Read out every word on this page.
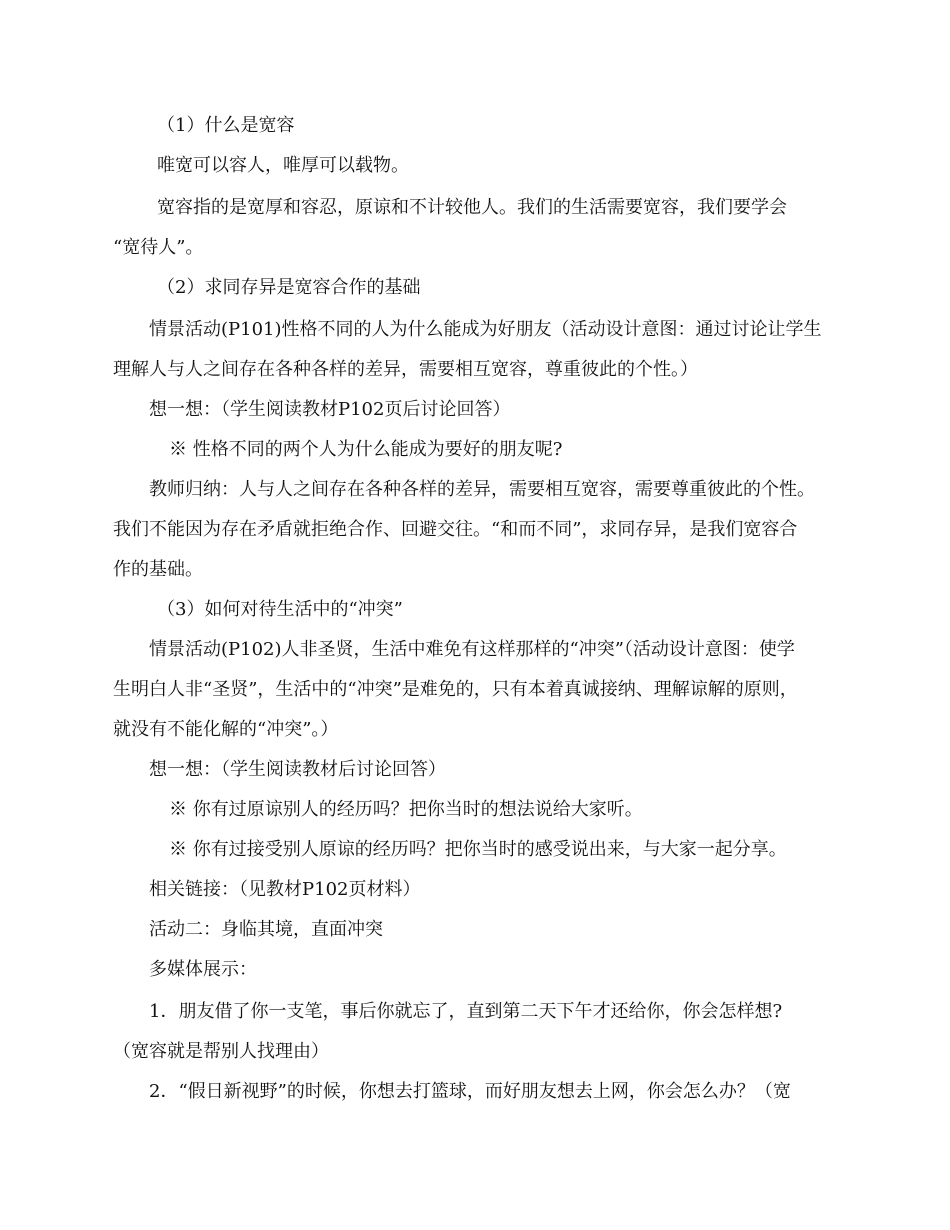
（1）什么是宽容
唯宽可以容人，唯厚可以载物。
宽容指的是宽厚和容忍，原谅和不计较他人。我们的生活需要宽容，我们要学会
“宽待人”。
（2）求同存异是宽容合作的基础
情景活动(P101)性格不同的人为什么能成为好朋友（活动设计意图：通过讨论让学生
理解人与人之间存在各种各样的差异，需要相互宽容，尊重彼此的个性。）
想一想：（学生阅读教材P102页后讨论回答）
※ 性格不同的两个人为什么能成为要好的朋友呢?
教师归纳：人与人之间存在各种各样的差异，需要相互宽容，需要尊重彼此的个性。
我们不能因为存在矛盾就拒绝合作、回避交往。“和而不同”，求同存异，是我们宽容合
作的基础。
（3）如何对待生活中的“冲突”
情景活动(P102)人非圣贤，生活中难免有这样那样的“冲突”（活动设计意图：使学
生明白人非“圣贤”，生活中的“冲突”是难免的，只有本着真诚接纳、理解谅解的原则，
就没有不能化解的“冲突”。）
想一想：（学生阅读教材后讨论回答）
※ 你有过原谅别人的经历吗？把你当时的想法说给大家听。
※ 你有过接受别人原谅的经历吗？把你当时的感受说出来，与大家一起分享。
相关链接：（见教材P102页材料）
活动二：身临其境，直面冲突
多媒体展示：
1．朋友借了你一支笔，事后你就忘了，直到第二天下午才还给你，你会怎样想?
（宽容就是帮别人找理由）
2．“假日新视野”的时候，你想去打篮球，而好朋友想去上网，你会怎么办？（宽
